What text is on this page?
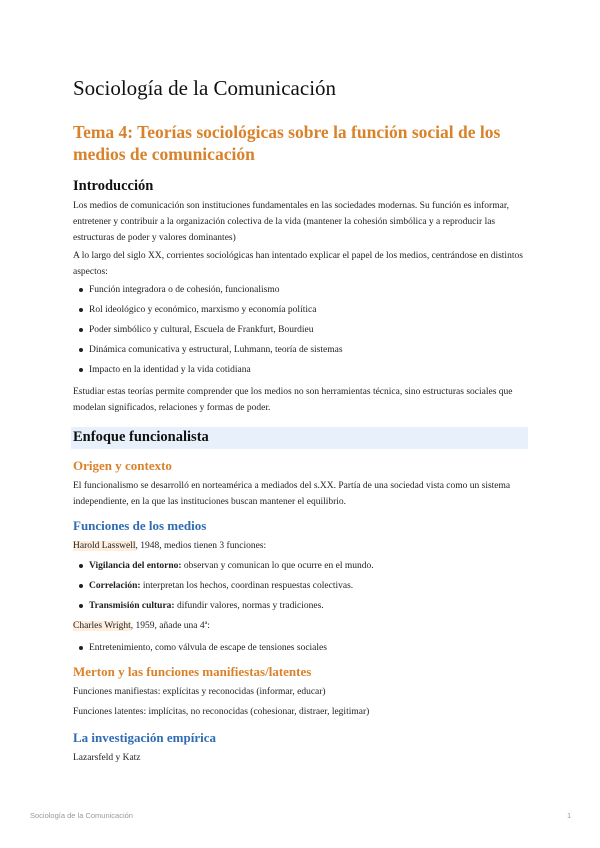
Sociología de la Comunicación
Tema 4: Teorías sociológicas sobre la función social de los medios de comunicación
Introducción

Los medios de comunicación son instituciones fundamentales en las sociedades modernas. Su función es informar, entretener y contribuir a la organización colectiva de la vida (mantener la cohesión simbólica y a reproducir las estructuras de poder y valores dominantes)

A lo largo del siglo XX, corrientes sociológicas han intentado explicar el papel de los medios, centrándose en distintos aspectos:

Función integradora o de cohesión, funcionalismo
Rol ideológico y económico, marxismo y economía política
Poder simbólico y cultural, Escuela de Frankfurt, Bourdieu
Dinámica comunicativa y estructural, Luhmann, teoría de sistemas
Impacto en la identidad y la vida cotidiana

Estudiar estas teorías permite comprender que los medios no son herramientas técnica, sino estructuras sociales que modelan significados, relaciones y formas de poder.

Enfoque funcionalista
Origen y contexto

El funcionalismo se desarrolló en norteamérica a mediados del s.XX. Partía de una sociedad vista como un sistema independiente, en la que las instituciones buscan mantener el equilibrio.

Funciones de los medios

Harold Lasswell, 1948, medios tienen 3 funciones:

Vigilancia del entorno: observan y comunican lo que ocurre en el mundo.
Correlación: interpretan los hechos, coordinan respuestas colectivas.
Transmisión cultura: difundir valores, normas y tradiciones.

Charles Wright, 1959, añade una 4ª:

Entretenimiento, como válvula de escape de tensiones sociales
Merton y las funciones manifiestas/latentes

Funciones manifiestas: explícitas y reconocidas (informar, educar)

Funciones latentes: implícitas, no reconocidas (cohesionar, distraer, legitimar)

La investigación empírica

Lazarsfeld y Katz

Sociología de la Comunicación	1
